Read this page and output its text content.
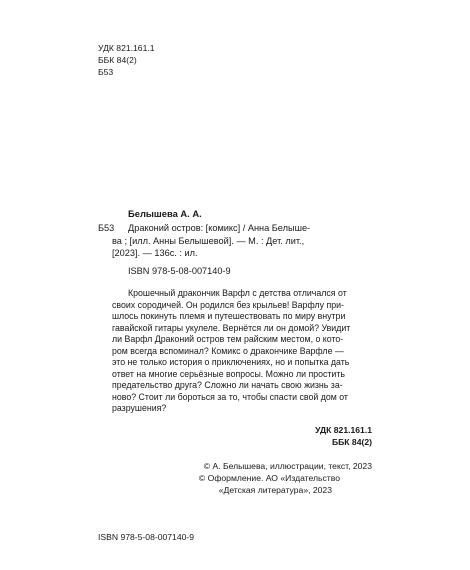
УДК 821.161.1
ББК 84(2)
Б53
Белышева А. А.
Б53 Драконий остров: [комикс] / Анна Белыше-
ва ; [илл. Анны Белышевой]. — М. : Дет. лит.,
[2023]. — 136с. : ил.
ISBN 978-5-08-007140-9
Крошечный дракончик Варфл с детства отличался от
своих сородичей. Он родился без крыльев! Варфлу при-
шлось покинуть племя и путешествовать по миру внутри
гавайской гитары укулеле. Вернётся ли он домой? Увидит
ли Варфл Драконий остров тем райским местом, о кото-
ром всегда вспоминал? Комикс о дракончике Варфле —
это не только история о приключениях, но и попытка дать
ответ на многие серьёзные вопросы. Можно ли простить
предательство друга? Сложно ли начать свою жизнь за-
ново? Стоит ли бороться за то, чтобы спасти свой дом от
разрушения?
УДК 821.161.1
ББК 84(2)
© А. Белышева, иллюстрации, текст, 2023
© Оформление. АО «Издательство
«Детская литература», 2023
ISBN 978-5-08-007140-9
